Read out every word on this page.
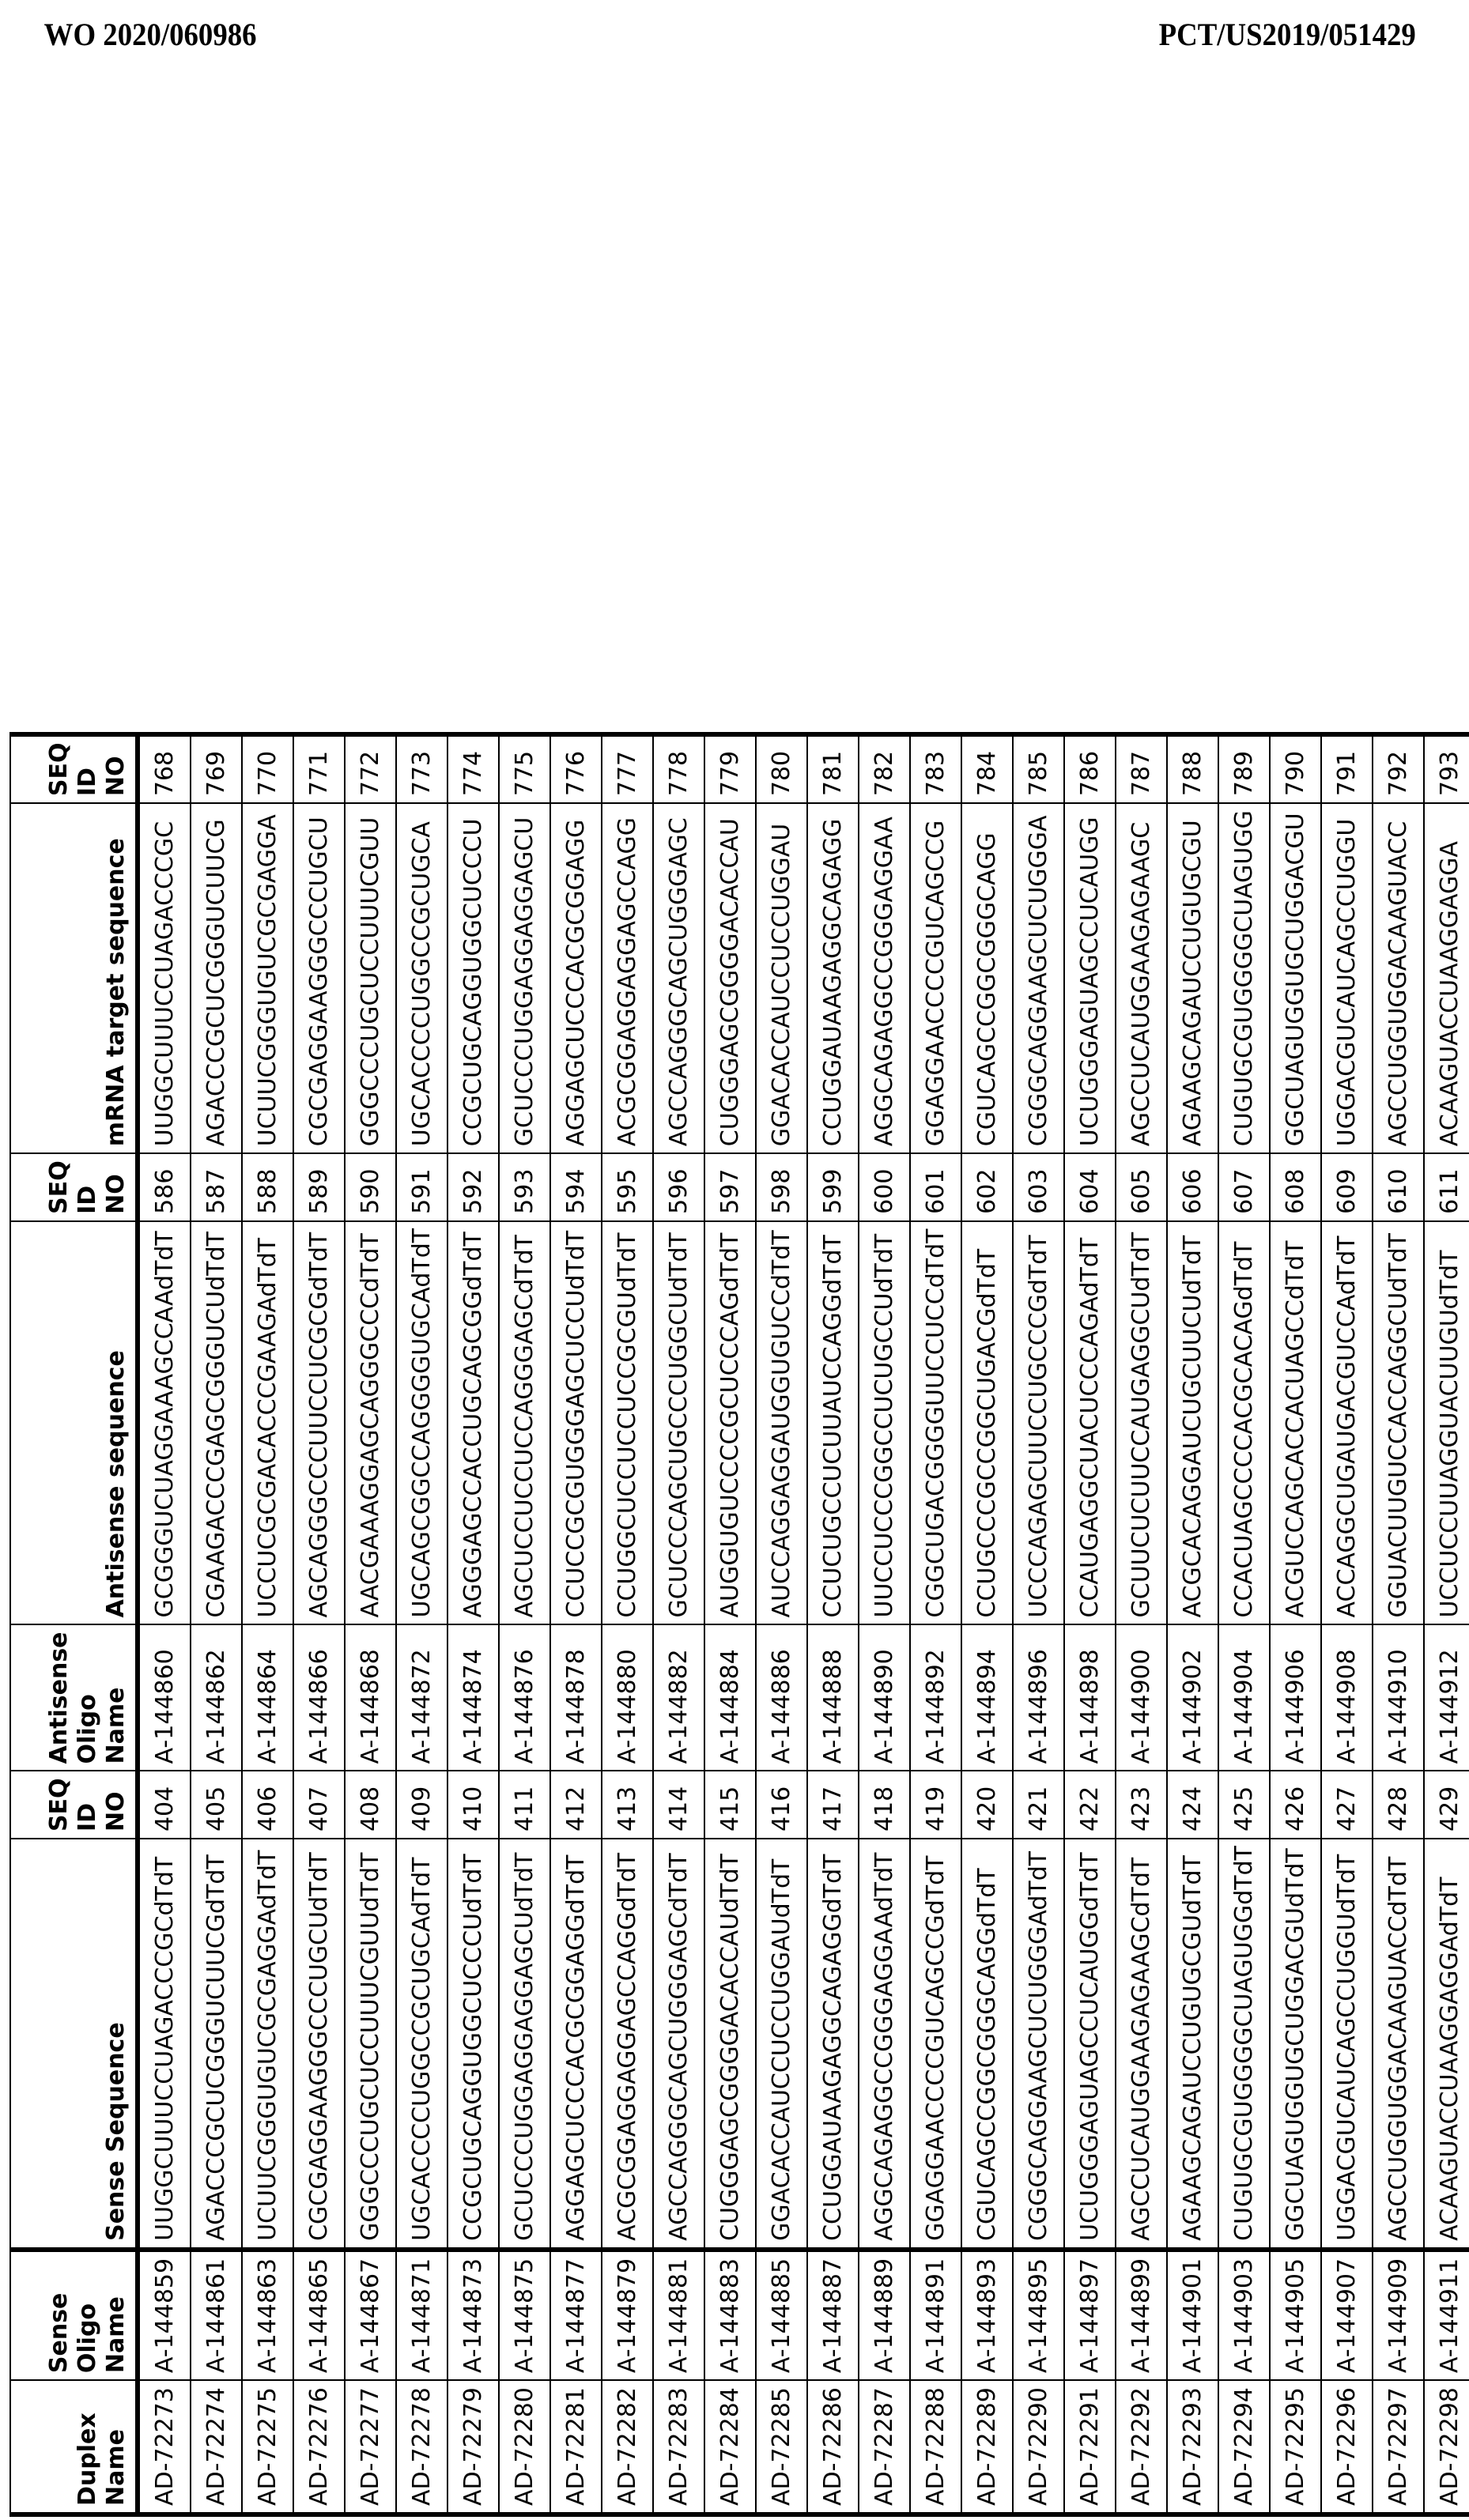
WO 2020/060986	PCT/US2019/051429
Duplex Name	Sense Oligo Name	Sense Sequence	SEQ ID NO	Antisense Oligo Name	Antisense sequence	SEQ ID NO	mRNA target sequence	SEQ ID NO
AD-72273	A-144859	UUGGCUUUCCUAGACCCGCdTdT	404	A-144860	GCGGGUCUAGGAAAGCCAAdTdT	586	UUGGCUUUCCUAGACCCGC	768
AD-72274	A-144861	AGACCCGCUCGGGUCUUCGdTdT	405	A-144862	CGAAGACCCGAGCGGGUCUdTdT	587	AGACCCGCUCGGGUCUUCG	769
AD-72275	A-144863	UCUUCGGGUGUCGCGAGGAdTdT	406	A-144864	UCCUCGCGACACCCGAAGAdTdT	588	UCUUCGGGUGUCGCGAGGA	770
AD-72276	A-144865	CGCGAGGAAGGGCCCUGCUdTdT	407	A-144866	AGCAGGGCCCUUCCUCGCGdTdT	589	CGCGAGGAAGGGCCCUGCU	771
AD-72277	A-144867	GGGCCCUGCUCCUUUCGUUdTdT	408	A-144868	AACGAAAGGAGCAGGGCCCdTdT	590	GGGCCCUGCUCCUUUCGUU	772
AD-72278	A-144871	UGCACCCCUGGCCGCUGCAdTdT	409	A-144872	UGCAGCGGCCAGGGGUGCAdTdT	591	UGCACCCCUGGCCGCUGCA	773
AD-72279	A-144873	CCGCUGCAGGUGGCUCCCUdTdT	410	A-144874	AGGGAGCCACCUGCAGCGGdTdT	592	CCGCUGCAGGUGGCUCCCU	774
AD-72280	A-144875	GCUCCCUGGAGGAGGAGCUdTdT	411	A-144876	AGCUCCUCCUCCAGGGAGCdTdT	593	GCUCCCUGGAGGAGGAGCU	775
AD-72281	A-144877	AGGAGCUCCCACGCGGAGGdTdT	412	A-144878	CCUCCGCGUGGGAGCUCCUdTdT	594	AGGAGCUCCCACGCGGAGG	776
AD-72282	A-144879	ACGCGGAGGAGGAGCCAGGdTdT	413	A-144880	CCUGGCUCCUCCUCCGCGUdTdT	595	ACGCGGAGGAGGAGCCAGG	777
AD-72283	A-144881	AGCCAGGGCAGCUGGGAGCdTdT	414	A-144882	GCUCCCAGCUGCCCUGGCUdTdT	596	AGCCAGGGCAGCUGGGAGC	778
AD-72284	A-144883	CUGGGAGCGGGGACACCAUdTdT	415	A-144884	AUGGUGUCCCCGCUCCCAGdTdT	597	CUGGGAGCGGGGACACCAU	779
AD-72285	A-144885	GGACACCAUCCUCCUGGAUdTdT	416	A-144886	AUCCAGGAGGAUGGUGUCCdTdT	598	GGACACCAUCCUCCUGGAU	780
AD-72286	A-144887	CCUGGAUAAGAGGCAGAGGdTdT	417	A-144888	CCUCUGCCUCUUAUCCAGGdTdT	599	CCUGGAUAAGAGGCAGAGG	781
AD-72287	A-144889	AGGCAGAGGCCGGGAGGAAdTdT	418	A-144890	UUCCUCCCGGCCUCUGCCUdTdT	600	AGGCAGAGGCCGGGAGGAA	782
AD-72288	A-144891	GGAGGAACCCCGUCAGCCGdTdT	419	A-144892	CGGCUGACGGGGUUCCUCCdTdT	601	GGAGGAACCCCGUCAGCCG	783
AD-72289	A-144893	CGUCAGCCGGCGGGCAGGdTdT	420	A-144894	CCUGCCCGCCGGCUGACGdTdT	602	CGUCAGCCGGCGGGCAGG	784
AD-72290	A-144895	CGGGCAGGAAGCUCUGGGAdTdT	421	A-144896	UCCCAGAGCUUCCUGCCCGdTdT	603	CGGGCAGGAAGCUCUGGGA	785
AD-72291	A-144897	UCUGGGAGUAGCCUCAUGGdTdT	422	A-144898	CCAUGAGGCUACUCCCAGAdTdT	604	UCUGGGAGUAGCCUCAUGG	786
AD-72292	A-144899	AGCCUCAUGGAAGAGAAGCdTdT	423	A-144900	GCUUCUCUUCCAUGAGGCUdTdT	605	AGCCUCAUGGAAGAGAAGC	787
AD-72293	A-144901	AGAAGCAGAUCCUGUGCGUdTdT	424	A-144902	ACGCACAGGAUCUGCUUCUdTdT	606	AGAAGCAGAUCCUGUGCGU	788
AD-72294	A-144903	CUGUGCGUGGGGCUAGUGGdTdT	425	A-144904	CCACUAGCCCCACGCACAGdTdT	607	CUGUGCGUGGGGCUAGUGG	789
AD-72295	A-144905	GGCUAGUGGUGCUGGACGUdTdT	426	A-144906	ACGUCCAGCACCACUAGCCdTdT	608	GGCUAGUGGUGCUGGACGU	790
AD-72296	A-144907	UGGACGUCAUCAGCCUGGUdTdT	427	A-144908	ACCAGGCUGAUGACGUCCAdTdT	609	UGGACGUCAUCAGCCUGGU	791
AD-72297	A-144909	AGCCUGGUGGACAAGUACCdTdT	428	A-144910	GGUACUUGUCCACCAGGCUdTdT	610	AGCCUGGUGGACAAGUACC	792
AD-72298	A-144911	ACAAGUACCUAAGGAGGAdTdT	429	A-144912	UCCUCCUUAGGUACUUGUdTdT	611	ACAAGUACCUAAGGAGGA	793
